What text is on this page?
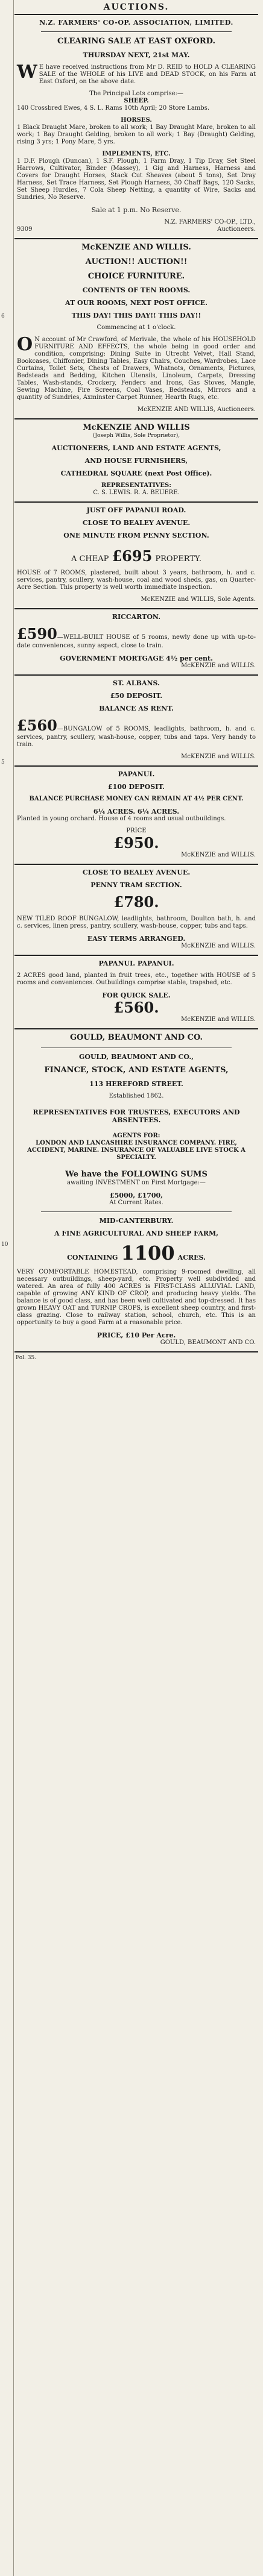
6
5
10
AUCTIONS.
N.Z. FARMERS' CO-OP. ASSOCIATION, LIMITED.
CLEARING SALE AT EAST OXFORD.
THURSDAY NEXT, 21st MAY.
W E have received instructions from Mr D. REID to HOLD A CLEARING SALE of the WHOLE of his LIVE and DEAD STOCK, on his Farm at East Oxford, on the above date.
The Principal Lots comprise:—
SHEEP.
140 Crossbred Ewes, 4 S. L. Rams 10th April; 20 Store Lambs.
HORSES.
1 Black Draught Mare, broken to all work; 1 Bay Draught Mare, broken to all work; 1 Bay Draught Gelding, broken to all work; 1 Bay (Draught) Gelding, rising 3 yrs; 1 Pony Mare, 5 yrs.
IMPLEMENTS, ETC.
1 D.F. Plough (Duncan), 1 S.F. Plough, 1 Farm Dray, 1 Tip Dray, Set Steel Harrows, Cultivator, Binder (Massey), 1 Gig and Harness, Harness and Covers for Draught Horses, Stack Cut Sheaves (about 5 tons), Set Dray Harness, Set Trace Harness, Set Plough Harness, 30 Chaff Bags, 120 Sacks, Set Sheep Hurdles, 7 Cola Sheep Netting, a quantity of Wire, Sacks and Sundries, No Reserve.
Sale at 1 p.m. No Reserve.
N.Z. FARMERS' CO-OP., LTD.,
9309	Auctioneers.
McKENZIE AND WILLIS.
AUCTION!! AUCTION!!
CHOICE FURNITURE.
CONTENTS OF TEN ROOMS.
AT OUR ROOMS, NEXT POST OFFICE.
THIS DAY! THIS DAY!! THIS DAY!!
Commencing at 1 o'clock.
O N account of Mr Crawford, of Merivale, the whole of his HOUSEHOLD FURNITURE AND EFFECTS, the whole being in good order and condition, comprising: Dining Suite in Utrecht Velvet, Hall Stand, Bookcases, Chiffonier, Dining Tables, Easy Chairs, Couches, Wardrobes, Lace Curtains, Toilet Sets, Chests of Drawers, Whatnots, Ornaments, Pictures, Bedsteads and Bedding, Kitchen Utensils, Linoleum, Carpets, Dressing Tables, Wash-stands, Crockery, Fenders and Irons, Gas Stoves, Mangle, Sewing Machine, Fire Screens, Coal Vases, Bedsteads, Mirrors and a quantity of Sundries, Axminster Carpet Runner, Hearth Rugs, etc.
McKENZIE AND WILLIS, Auctioneers.
McKENZIE AND WILLIS
(Joseph Willis, Sole Proprietor),
AUCTIONEERS, LAND AND ESTATE AGENTS,
AND HOUSE FURNISHERS,
CATHEDRAL SQUARE (next Post Office).
REPRESENTATIVES:
C. S. LEWIS. R. A. BEUERE.
JUST OFF PAPANUI ROAD.
CLOSE TO BEALEY AVENUE.
ONE MINUTE FROM PENNY SECTION.
A CHEAP £695 PROPERTY.
HOUSE of 7 ROOMS, plastered, built about 3 years, bathroom, h. and c. services, pantry, scullery, wash-house, coal and wood sheds, gas, on Quarter-Acre Section. This property is well worth immediate inspection.
McKENZIE and WILLIS, Sole Agents.
RICCARTON.
£590—WELL-BUILT HOUSE of 5 rooms, newly done up with up-to-date conveniences, sunny aspect, close to train.
GOVERNMENT MORTGAGE 4½ per cent.
McKENZIE and WILLIS.
ST. ALBANS.
£50 DEPOSIT.
BALANCE AS RENT.
£560—BUNGALOW of 5 ROOMS, leadlights, bathroom, h. and c. services, pantry, scullery, wash-house, copper, tubs and taps. Very handy to train.
McKENZIE and WILLIS.
PAPANUI.
£100 DEPOSIT.
BALANCE PURCHASE MONEY CAN REMAIN AT 4½ PER CENT.
6¼ ACRES. 6¼ ACRES.
Planted in young orchard. House of 4 rooms and usual outbuildings.
PRICE
£950.
McKENZIE and WILLIS.
CLOSE TO BEALEY AVENUE.
PENNY TRAM SECTION.
£780.
NEW TILED ROOF BUNGALOW, leadlights, bathroom, Doulton bath, h. and c. services, linen press, pantry, scullery, wash-house, copper, tubs and taps.
EASY TERMS ARRANGED.
McKENZIE and WILLIS.
PAPANUI. PAPANUI.
2 ACRES good land, planted in fruit trees, etc., together with HOUSE of 5 rooms and conveniences. Outbuildings comprise stable, trapshed, etc.
FOR QUICK SALE.
£560.
McKENZIE and WILLIS.
GOULD, BEAUMONT AND CO.
GOULD, BEAUMONT AND CO.,
FINANCE, STOCK, AND ESTATE AGENTS,
113 HEREFORD STREET.
Established 1862.
REPRESENTATIVES FOR TRUSTEES, EXECUTORS AND ABSENTEES.
AGENTS FOR:
LONDON AND LANCASHIRE INSURANCE COMPANY. FIRE, ACCIDENT, MARINE. INSURANCE OF VALUABLE LIVE STOCK A SPECIALTY.
We have the FOLLOWING SUMS
awaiting INVESTMENT on First Mortgage:—
£5000, £1700,
At Current Rates.
MID-CANTERBURY.
A FINE AGRICULTURAL AND SHEEP FARM,
CONTAINING 1100 ACRES.
VERY COMFORTABLE HOMESTEAD, comprising 9-roomed dwelling, all necessary outbuildings, sheep-yard, etc. Property well subdivided and watered. An area of fully 400 ACRES is FIRST-CLASS ALLUVIAL LAND, capable of growing ANY KIND OF CROP, and producing heavy yields. The balance is of good class, and has been well cultivated and top-dressed. It has grown HEAVY OAT and TURNIP CROPS, is excellent sheep country, and first-class grazing. Close to railway station, school, church, etc. This is an opportunity to buy a good Farm at a reasonable price.
PRICE, £10 Per Acre.
GOULD, BEAUMONT AND CO.
Fol. 35.
